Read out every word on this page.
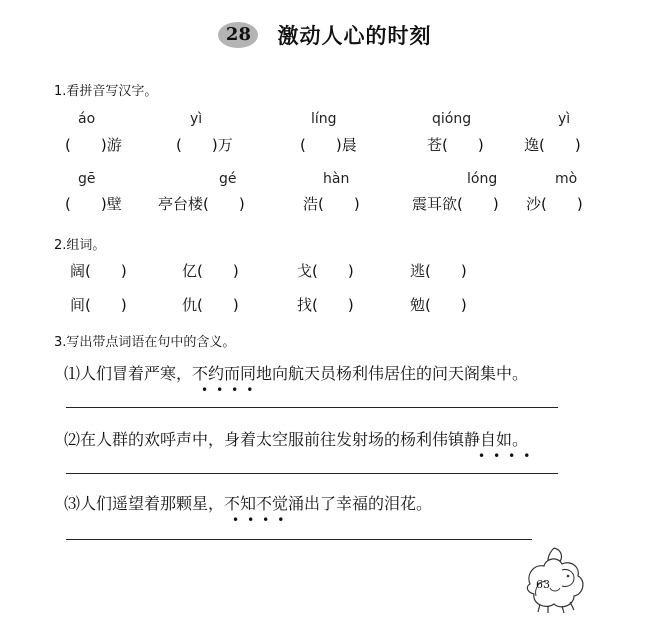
28 激动人心的时刻
1.看拼音写汉字。
áo	yì	líng	qióng	yì
(　　)游	(　　)万	(　　)晨	苍(　　)	逸(　　)
gē	gé	hàn	lóng	mò
(　　)壁 亭台楼(　　)	浩(　　)	震耳欲(　　) 沙(　　)
2.组词。
阔(　　)	亿(　　)	戈(　　)	逃(　　)
间(　　)	仇(　　)	找(　　)	勉(　　)
3.写出带点词语在句中的含义。
⑴人们冒着严寒，不约而同地向航天员杨利伟居住的问天阁集中。
••••
⑵在人群的欢呼声中，身着太空服前往发射场的杨利伟镇静自如。
••••
⑶人们遥望着那颗星，不知不觉涌出了幸福的泪花。
••••
63
